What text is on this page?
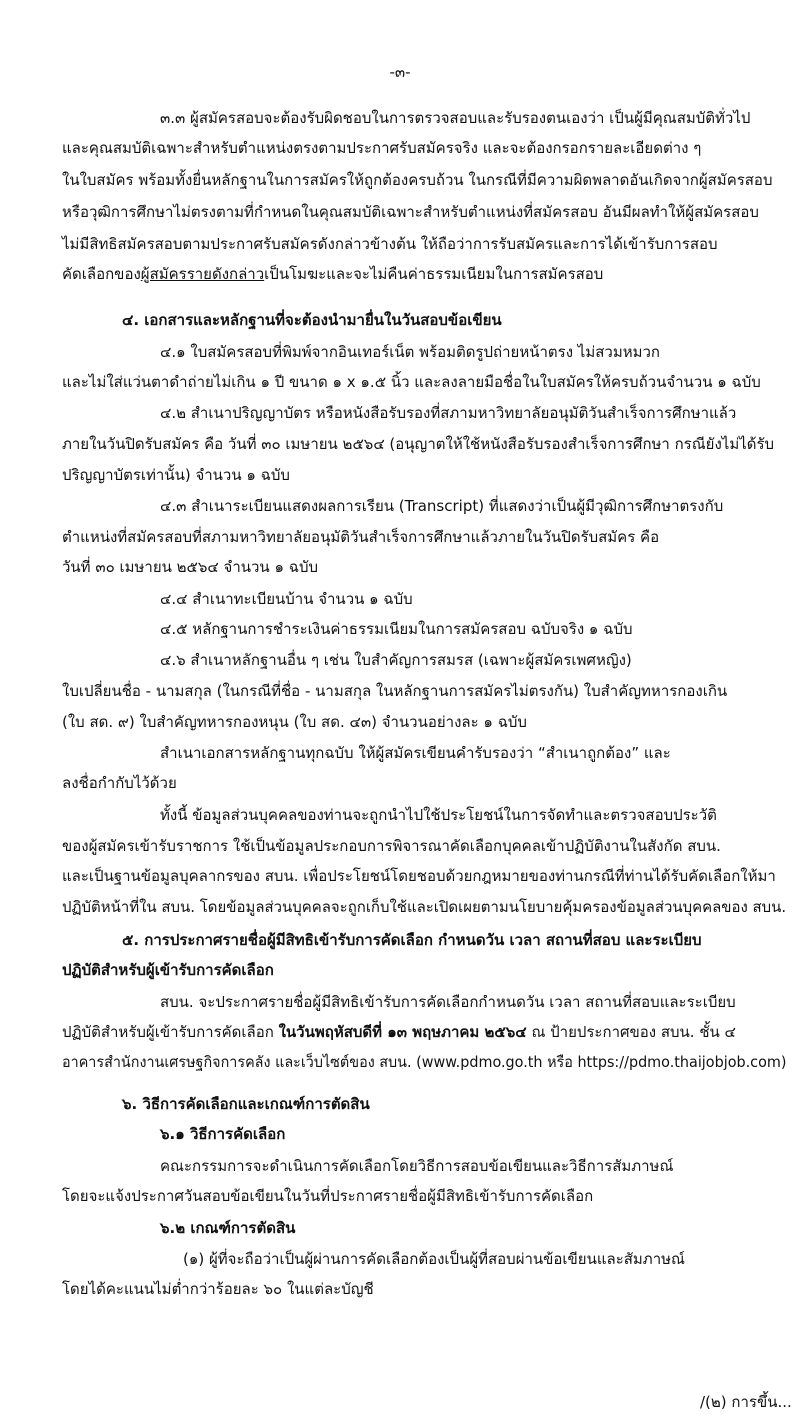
-๓-
๓.๓ ผู้สมัครสอบจะต้องรับผิดชอบในการตรวจสอบและรับรองตนเองว่า เป็นผู้มีคุณสมบัติทั่วไป
และคุณสมบัติเฉพาะสำหรับตำแหน่งตรงตามประกาศรับสมัครจริง และจะต้องกรอกรายละเอียดต่าง ๆ
ในใบสมัคร พร้อมทั้งยื่นหลักฐานในการสมัครให้ถูกต้องครบถ้วน ในกรณีที่มีความผิดพลาดอันเกิดจากผู้สมัครสอบ
หรือวุฒิการศึกษาไม่ตรงตามที่กำหนดในคุณสมบัติเฉพาะสำหรับตำแหน่งที่สมัครสอบ อันมีผลทำให้ผู้สมัครสอบ
ไม่มีสิทธิสมัครสอบตามประกาศรับสมัครดังกล่าวข้างต้น ให้ถือว่าการรับสมัครและการได้เข้ารับการสอบ
คัดเลือกของผู้สมัครรายดังกล่าวเป็นโมฆะและจะไม่คืนค่าธรรมเนียมในการสมัครสอบ
๔. เอกสารและหลักฐานที่จะต้องนำมายื่นในวันสอบข้อเขียน
๔.๑ ใบสมัครสอบที่พิมพ์จากอินเทอร์เน็ต พร้อมติดรูปถ่ายหน้าตรง ไม่สวมหมวก
และไม่ใส่แว่นตาดำถ่ายไม่เกิน ๑ ปี ขนาด ๑ x ๑.๕ นิ้ว และลงลายมือชื่อในใบสมัครให้ครบถ้วนจำนวน ๑ ฉบับ
๔.๒ สำเนาปริญญาบัตร หรือหนังสือรับรองที่สภามหาวิทยาลัยอนุมัติวันสำเร็จการศึกษาแล้ว
ภายในวันปิดรับสมัคร คือ วันที่ ๓๐ เมษายน ๒๕๖๔ (อนุญาตให้ใช้หนังสือรับรองสำเร็จการศึกษา กรณียังไม่ได้รับ
ปริญญาบัตรเท่านั้น) จำนวน ๑ ฉบับ
๔.๓ สำเนาระเบียนแสดงผลการเรียน (Transcript) ที่แสดงว่าเป็นผู้มีวุฒิการศึกษาตรงกับ
ตำแหน่งที่สมัครสอบที่สภามหาวิทยาลัยอนุมัติวันสำเร็จการศึกษาแล้วภายในวันปิดรับสมัคร คือ
วันที่ ๓๐ เมษายน ๒๕๖๔ จำนวน ๑ ฉบับ
๔.๔ สำเนาทะเบียนบ้าน จำนวน ๑ ฉบับ
๔.๕ หลักฐานการชำระเงินค่าธรรมเนียมในการสมัครสอบ ฉบับจริง ๑ ฉบับ
๔.๖ สำเนาหลักฐานอื่น ๆ เช่น ใบสำคัญการสมรส (เฉพาะผู้สมัครเพศหญิง)
ใบเปลี่ยนชื่อ - นามสกุล (ในกรณีที่ชื่อ - นามสกุล ในหลักฐานการสมัครไม่ตรงกัน) ใบสำคัญทหารกองเกิน
(ใบ สด. ๙) ใบสำคัญทหารกองหนุน (ใบ สด. ๔๓) จำนวนอย่างละ ๑ ฉบับ
สำเนาเอกสารหลักฐานทุกฉบับ ให้ผู้สมัครเขียนคำรับรองว่า “สำเนาถูกต้อง” และ
ลงชื่อกำกับไว้ด้วย
ทั้งนี้ ข้อมูลส่วนบุคคลของท่านจะถูกนำไปใช้ประโยชน์ในการจัดทำและตรวจสอบประวัติ
ของผู้สมัครเข้ารับราชการ ใช้เป็นข้อมูลประกอบการพิจารณาคัดเลือกบุคคลเข้าปฏิบัติงานในสังกัด สบน.
และเป็นฐานข้อมูลบุคลากรของ สบน. เพื่อประโยชน์โดยชอบด้วยกฎหมายของท่านกรณีที่ท่านได้รับคัดเลือกให้มา
ปฏิบัติหน้าที่ใน สบน. โดยข้อมูลส่วนบุคคลจะถูกเก็บใช้และเปิดเผยตามนโยบายคุ้มครองข้อมูลส่วนบุคคลของ สบน.
๕. การประกาศรายชื่อผู้มีสิทธิเข้ารับการคัดเลือก กำหนดวัน เวลา สถานที่สอบ และระเบียบ
ปฏิบัติสำหรับผู้เข้ารับการคัดเลือก
สบน. จะประกาศรายชื่อผู้มีสิทธิเข้ารับการคัดเลือกกำหนดวัน เวลา สถานที่สอบและระเบียบ
ปฏิบัติสำหรับผู้เข้ารับการคัดเลือก ในวันพฤหัสบดีที่ ๑๓ พฤษภาคม ๒๕๖๔ ณ ป้ายประกาศของ สบน. ชั้น ๔
อาคารสำนักงานเศรษฐกิจการคลัง และเว็บไซต์ของ สบน. (www.pdmo.go.th หรือ https://pdmo.thaijobjob.com)
๖. วิธีการคัดเลือกและเกณฑ์การตัดสิน
๖.๑ วิธีการคัดเลือก
คณะกรรมการจะดำเนินการคัดเลือกโดยวิธีการสอบข้อเขียนและวิธีการสัมภาษณ์
โดยจะแจ้งประกาศวันสอบข้อเขียนในวันที่ประกาศรายชื่อผู้มีสิทธิเข้ารับการคัดเลือก
๖.๒ เกณฑ์การตัดสิน
(๑) ผู้ที่จะถือว่าเป็นผู้ผ่านการคัดเลือกต้องเป็นผู้ที่สอบผ่านข้อเขียนและสัมภาษณ์
โดยได้คะแนนไม่ต่ำกว่าร้อยละ ๖๐ ในแต่ละบัญชี
/(๒) การขึ้น...
